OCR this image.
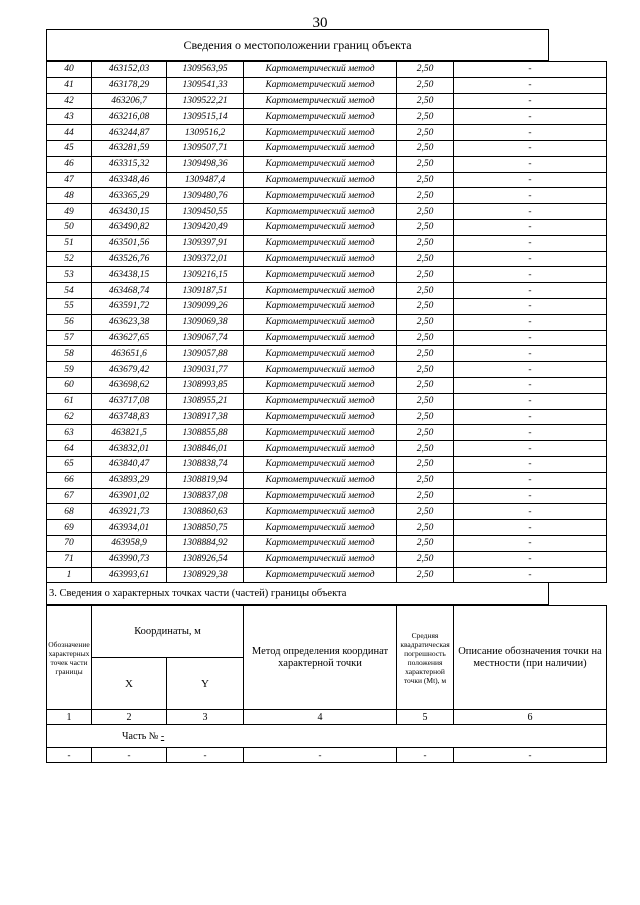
30
Сведения о местоположении границ объекта
40	463152,03	1309563,95	Картометрический метод	2,50	-
41	463178,29	1309541,33	Картометрический метод	2,50	-
42	463206,7	1309522,21	Картометрический метод	2,50	-
43	463216,08	1309515,14	Картометрический метод	2,50	-
44	463244,87	1309516,2	Картометрический метод	2,50	-
45	463281,59	1309507,71	Картометрический метод	2,50	-
46	463315,32	1309498,36	Картометрический метод	2,50	-
47	463348,46	1309487,4	Картометрический метод	2,50	-
48	463365,29	1309480,76	Картометрический метод	2,50	-
49	463430,15	1309450,55	Картометрический метод	2,50	-
50	463490,82	1309420,49	Картометрический метод	2,50	-
51	463501,56	1309397,91	Картометрический метод	2,50	-
52	463526,76	1309372,01	Картометрический метод	2,50	-
53	463438,15	1309216,15	Картометрический метод	2,50	-
54	463468,74	1309187,51	Картометрический метод	2,50	-
55	463591,72	1309099,26	Картометрический метод	2,50	-
56	463623,38	1309069,38	Картометрический метод	2,50	-
57	463627,65	1309067,74	Картометрический метод	2,50	-
58	463651,6	1309057,88	Картометрический метод	2,50	-
59	463679,42	1309031,77	Картометрический метод	2,50	-
60	463698,62	1308993,85	Картометрический метод	2,50	-
61	463717,08	1308955,21	Картометрический метод	2,50	-
62	463748,83	1308917,38	Картометрический метод	2,50	-
63	463821,5	1308855,88	Картометрический метод	2,50	-
64	463832,01	1308846,01	Картометрический метод	2,50	-
65	463840,47	1308838,74	Картометрический метод	2,50	-
66	463893,29	1308819,94	Картометрический метод	2,50	-
67	463901,02	1308837,08	Картометрический метод	2,50	-
68	463921,73	1308860,63	Картометрический метод	2,50	-
69	463934,01	1308850,75	Картометрический метод	2,50	-
70	463958,9	1308884,92	Картометрический метод	2,50	-
71	463990,73	1308926,54	Картометрический метод	2,50	-
1	463993,61	1308929,38	Картометрический метод	2,50	-
3. Сведения о характерных точках части (частей) границы объекта
Обозначение характерных точек части границы	Координаты, м		Метод определения координат характерной точки	Средняя квадратическая погрешность положения характерной точки (Mt), м	Описание обозначения точки на местности (при наличии)
	X	Y			
1	2	3	4	5	6
Часть № -					
-	-	-	-	-	-
